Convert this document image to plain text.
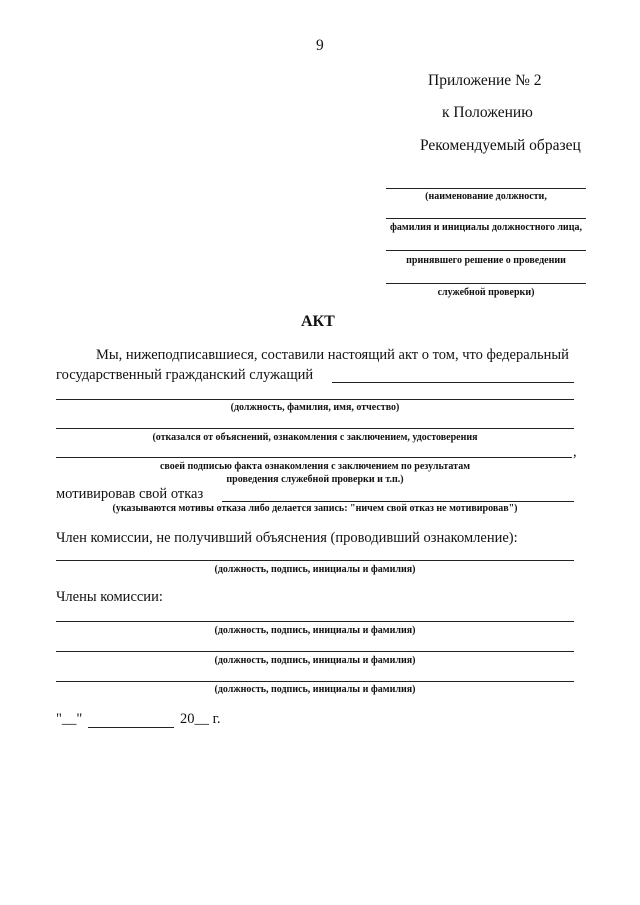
9
Приложение № 2
к Положению
Рекомендуемый образец
(наименование должности,
фамилия и инициалы должностного лица,
принявшего решение о проведении
служебной проверки)
АКТ
Мы, нижеподписавшиеся, составили настоящий акт о том, что федеральный
государственный гражданский служащий
(должность, фамилия, имя, отчество)
(отказался от объяснений, ознакомления с заключением, удостоверения
,
своей подписью факта ознакомления с заключением по результатам
проведения служебной проверки и т.п.)
мотивировав свой отказ
(указываются мотивы отказа либо делается запись: "ничем свой отказ не мотивировав")
Член комиссии, не получивший объяснения (проводивший ознакомление):
(должность, подпись, инициалы и фамилия)
Члены комиссии:
(должность, подпись, инициалы и фамилия)
(должность, подпись, инициалы и фамилия)
(должность, подпись, инициалы и фамилия)
"__"	20__ г.
